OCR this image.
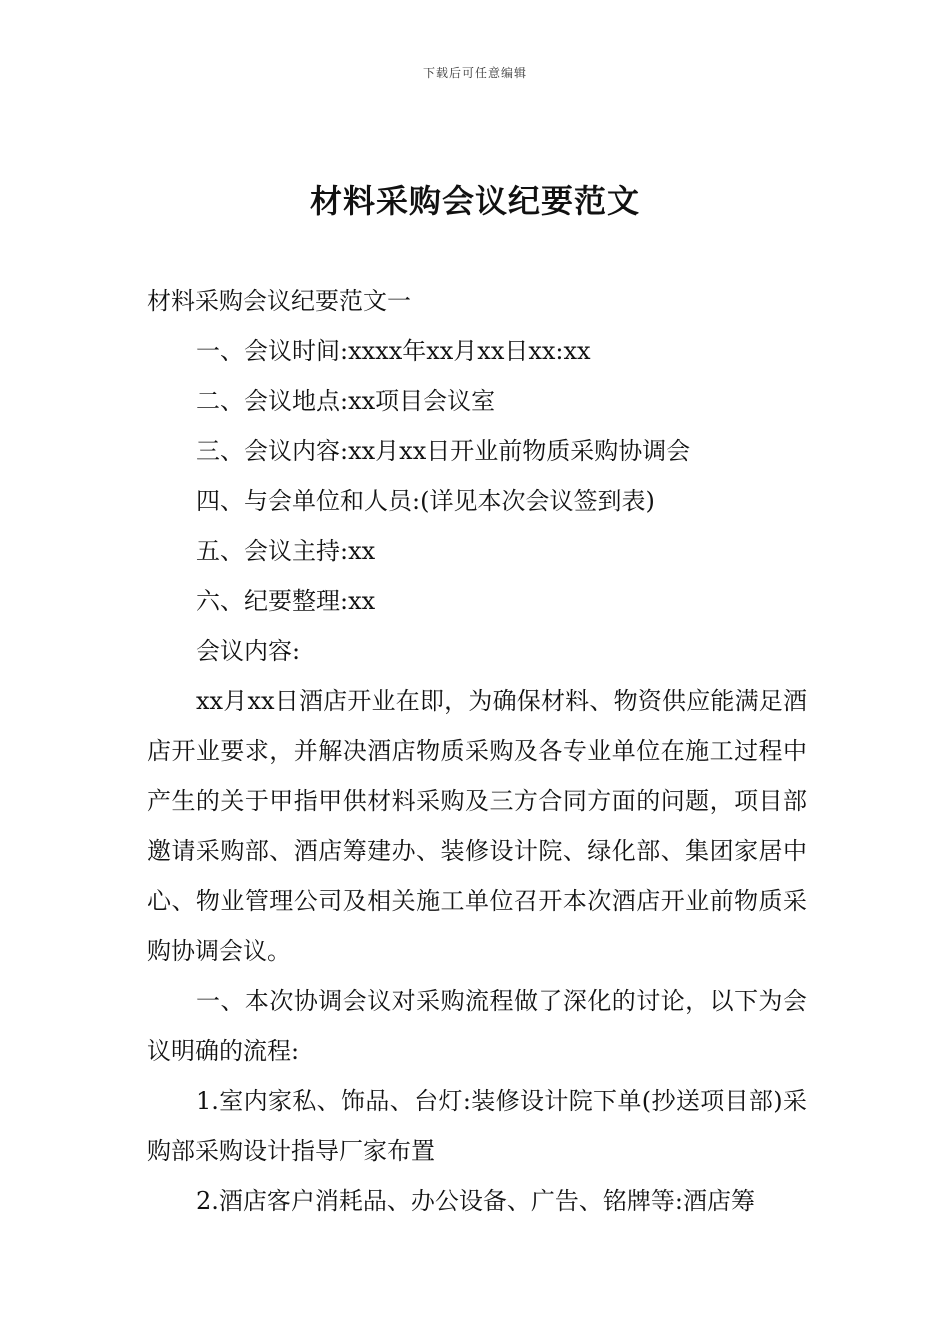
下载后可任意编辑
材料采购会议纪要范文
材料采购会议纪要范文一
一、会议时间:xxxx年xx月xx日xx:xx
二、会议地点:xx项目会议室
三、会议内容:xx月xx日开业前物质采购协调会
四、与会单位和人员:(详见本次会议签到表)
五、会议主持:xx
六、纪要整理:xx
会议内容:

xx月xx日酒店开业在即，为确保材料、物资供应能满足酒店开业要求，并解决酒店物质采购及各专业单位在施工过程中产生的关于甲指甲供材料采购及三方合同方面的问题，项目部邀请采购部、酒店筹建办、装修设计院、绿化部、集团家居中心、物业管理公司及相关施工单位召开本次酒店开业前物质采购协调会议。

一、本次协调会议对采购流程做了深化的讨论，以下为会议明确的流程:

1.室内家私、饰品、台灯:装修设计院下单(抄送项目部)采购部采购设计指导厂家布置

2.酒店客户消耗品、办公设备、广告、铭牌等:酒店筹
